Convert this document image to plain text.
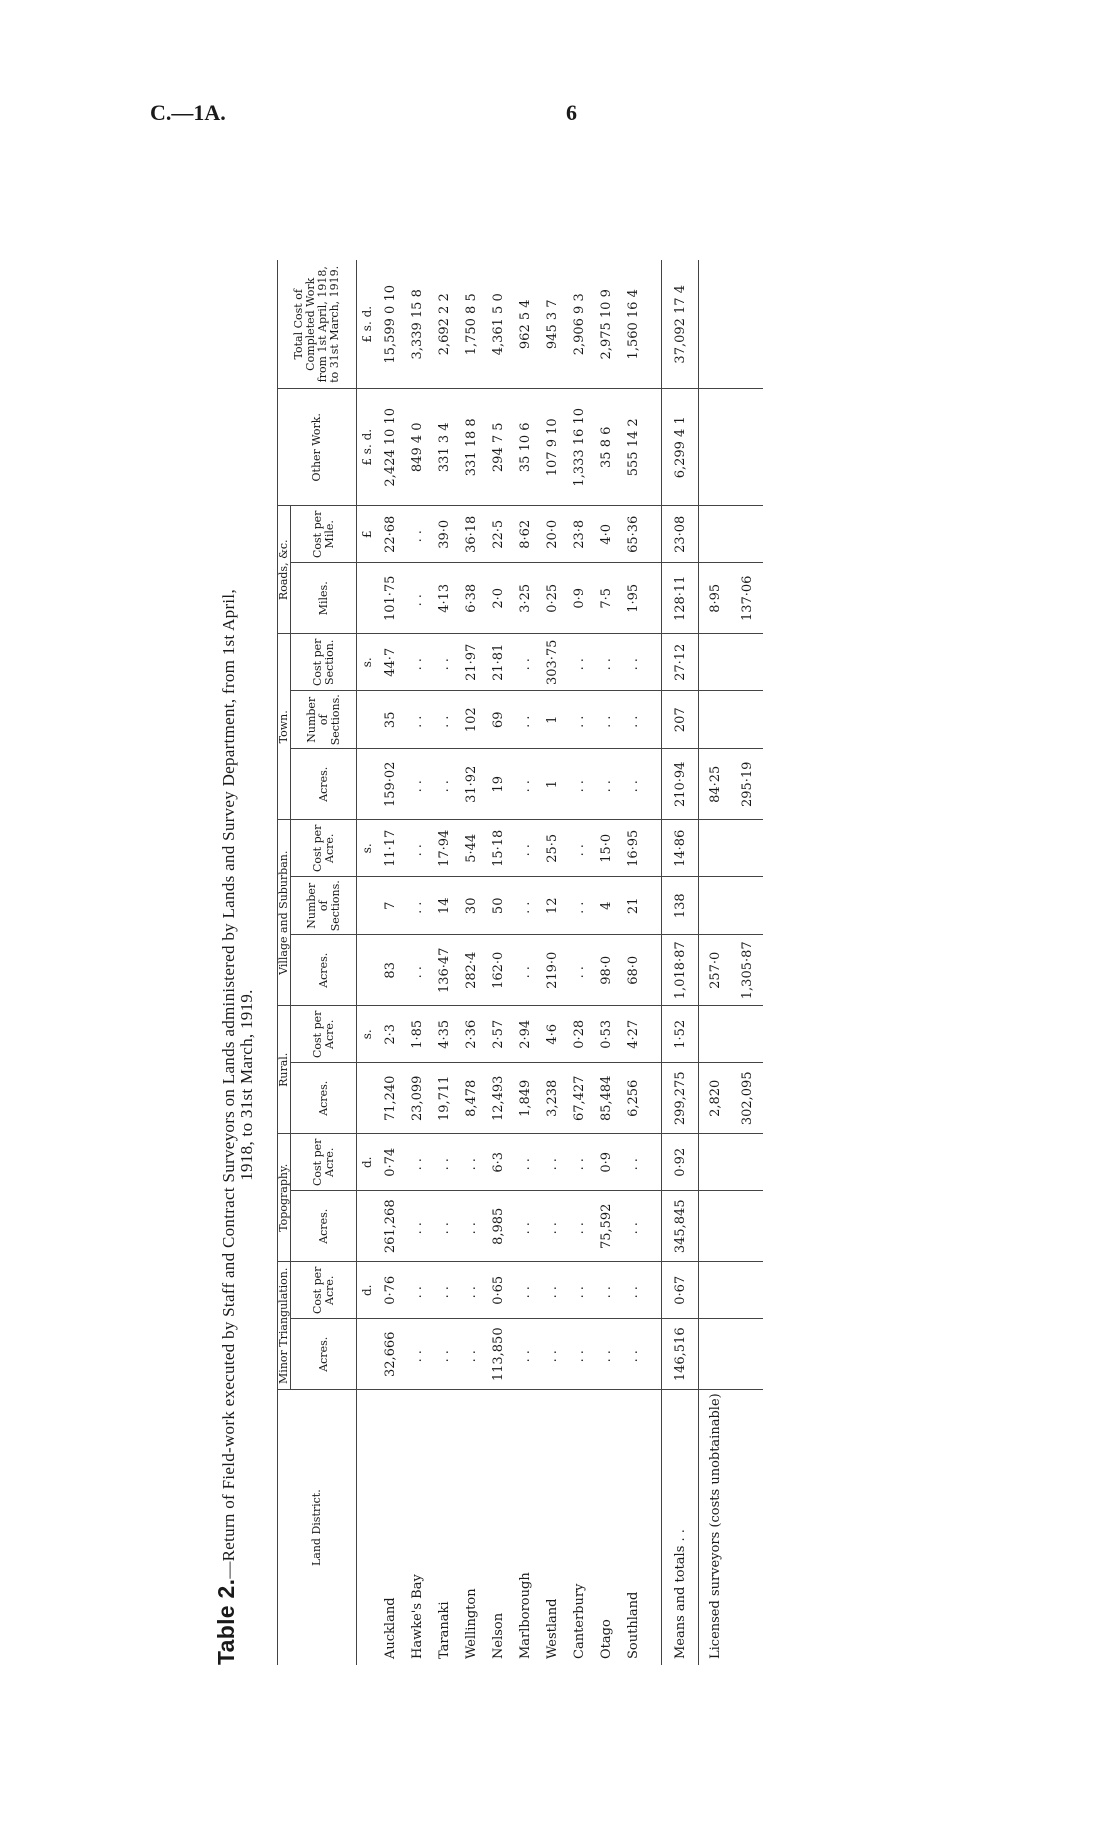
C.—1A.	6
Table 2.—Return of Field-work executed by Staff and Contract Surveyors on Lands administered by Lands and Survey Department, from 1st April, 1918, to 31st March, 1919.
Land District.	Minor Triangulation.		Topography.		Rural.		Village and Suburban.			Town.			Roads, &c.		Other Work.	Total Cost of Completed Work from 1st April, 1918, to 31st March, 1919.
	Acres.	Cost per Acre.	Acres.	Cost per Acre.	Acres.	Cost per Acre.	Acres.	Number of Sections.	Cost per Acre.	Acres.	Number of Sections.	Cost per Section.	Miles.	Cost per Mile.		
		d.		d.		s.			s.			s.		£	£ s. d.	£ s. d.
Auckland	32,666	0·76	261,268	0·74	71,240	2·3	83	7	11·17	159·02	35	44·7	101·75	22·68	2,424 10 10	15,599 0 10
Hawke's Bay	..	..	..	..	23,099	1·85	..	..	..	..	..	..	..	..	849 4 0	3,339 15 8
Taranaki	..	..	..	..	19,711	4·35	136·47	14	17·94	..	..	..	4·13	39·0	331 3 4	2,692 2 2
Wellington	..	..	..	..	8,478	2·36	282·4	30	5·44	31·92	102	21·97	6·38	36·18	331 18 8	1,750 8 5
Nelson	113,850	0·65	8,985	6·3	12,493	2·57	162·0	50	15·18	19	69	21·81	2·0	22·5	294 7 5	4,361 5 0
Marlborough	..	..	..	..	1,849	2·94	..	..	..	..	..	..	3·25	8·62	35 10 6	962 5 4
Westland	..	..	..	..	3,238	4·6	219·0	12	25·5	1	1	303·75	0·25	20·0	107 9 10	945 3 7
Canterbury	..	..	..	..	67,427	0·28	..	..	..	..	..	..	0·9	23·8	1,333 16 10	2,906 9 3
Otago	..	..	75,592	0·9	85,484	0·53	98·0	4	15·0	..	..	..	7·5	4·0	35 8 6	2,975 10 9
Southland	..	..	..	..	6,256	4·27	68·0	21	16·95	..	..	..	1·95	65·36	555 14 2	1,560 16 4

Means and totals . .	146,516	0·67	345,845	0·92	299,275	1·52	1,018·87	138	14·86	210·94	207	27·12	128·11	23·08	6,299 4 1	37,092 17 4
Licensed surveyors (costs unobtainable)					2,820		257·0			84·25			8·95			
					302,095		1,305·87			295·19			137·06			
